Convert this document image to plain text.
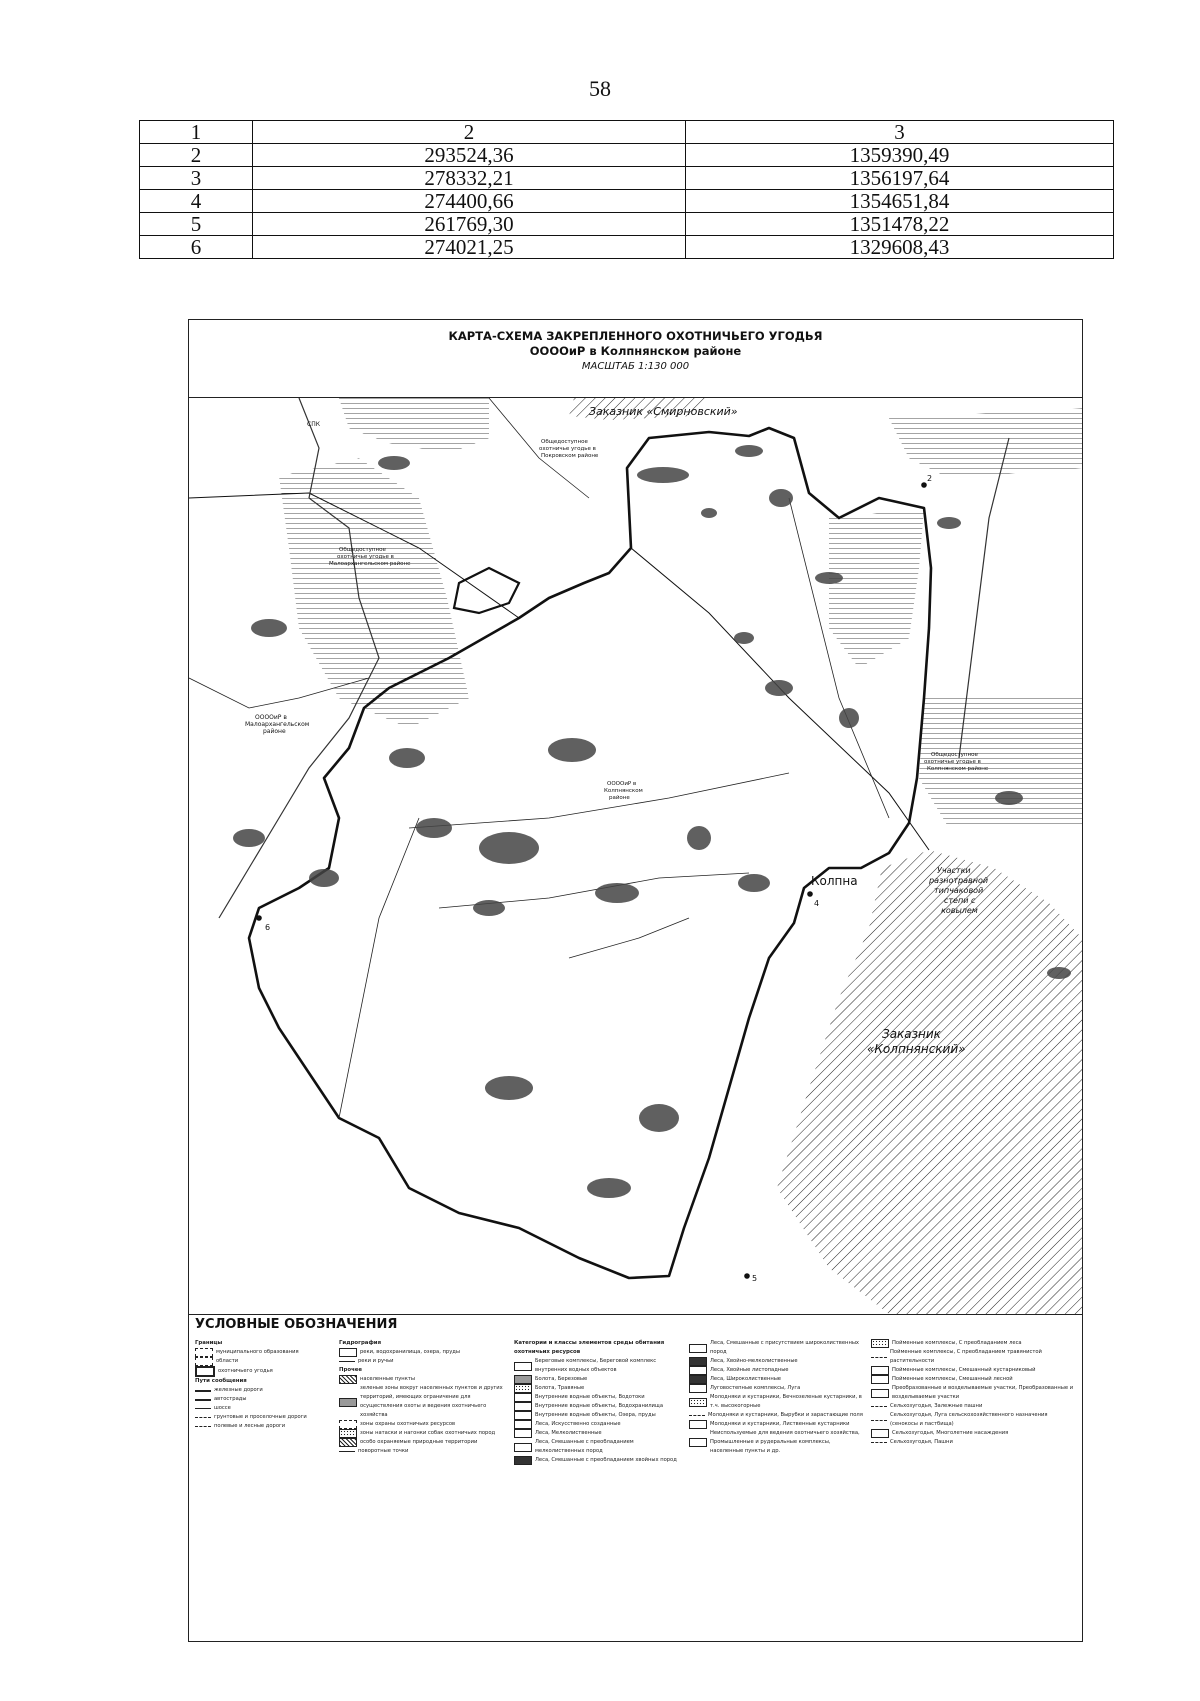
58
1	2	3
2	293524,36	1359390,49
3	278332,21	1356197,64
4	274400,66	1354651,84
5	261769,30	1351478,22
6	274021,25	1329608,43
КАРТА-СХЕМА ЗАКРЕПЛЕННОГО ОХОТНИЧЬЕГО УГОДЬЯ
ООООиР в Колпнянском районе
МАСШТАБ 1:130 000
Заказник «Смирновский»
Заказник
«Колпнянский»
Колпна
СПК
Общедоступное
охотничье угодье в
Покровском районе
Общедоступное
охотничье угодье в
Малоархангельском районе
ООООиР в
Малоархангельском
районе
ООООиР в
Колпнянском
районе
Общедоступное
охотничье угодье в
Колпнянском районе
Участки
разнотравной
типчаковой
степи с
ковылем
2
4
5
6
УСЛОВНЫЕ ОБОЗНАЧЕНИЯ
Границы
муниципального образования
области
охотничьего угодья
Пути сообщения
железные дороги
автострады
шоссе
грунтовые и проселочные дороги
полевые и лесные дороги
Гидрография
реки, водохранилища, озера, пруды
реки и ручьи
Прочее
населенные пункты
зеленые зоны вокруг населенных пунктов и других территорий, имеющих ограничение для осуществления охоты и ведения охотничьего хозяйства
зоны охраны охотничьих ресурсов
зоны натаски и нагонки собак охотничьих пород
особо охраняемые природные территории
поворотные точки
Категории и классы элементов среды обитания охотничьих ресурсов
Береговые комплексы, Береговой комплекс внутренних водных объектов
Болота, Березовые
Болота, Травяные
Внутренние водные объекты, Водотоки
Внутренние водные объекты, Водохранилища
Внутренние водные объекты, Озера, пруды
Леса, Искусственно созданные
Леса, Мелколиственные
Леса, Смешанные с преобладанием мелколиственных пород
Леса, Смешанные с преобладанием хвойных пород
Леса, Смешанные с присутствием широколиственных пород
Леса, Хвойно-мелколиственные
Леса, Хвойные листопадные
Леса, Широколиственные
Луговостепные комплексы, Луга
Молодняки и кустарники, Вечнозеленые кустарники, в т.ч. высокогорные
Молодняки и кустарники, Вырубки и зарастающие поля
Молодняки и кустарники, Лиственные кустарники
Неиспользуемые для ведения охотничьего хозяйства, Промышленные и рудеральные комплексы, населенные пункты и др.
Пойменные комплексы, С преобладанием леса
Пойменные комплексы, С преобладанием травянистой растительности
Пойменные комплексы, Смешанный кустарниковый
Пойменные комплексы, Смешанный лесной
Преобразованные и возделываемые участки, Преобразованные и возделываемые участки
Сельхозугодья, Залежные пашни
Сельхозугодья, Луга сельскохозяйственного назначения (сенокосы и пастбища)
Сельхозугодья, Многолетние насаждения
Сельхозугодья, Пашни
